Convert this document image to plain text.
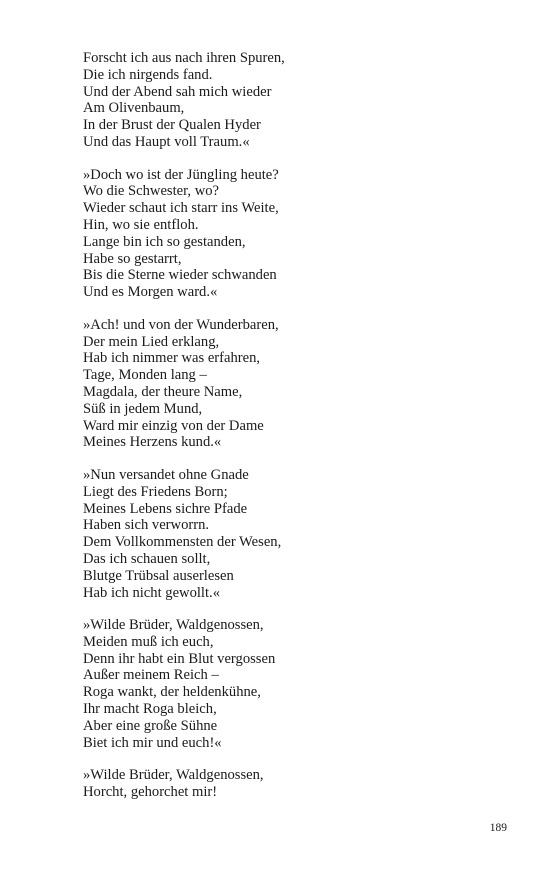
Forscht ich aus nach ihren Spuren,
Die ich nirgends fand.
Und der Abend sah mich wieder
Am Olivenbaum,
In der Brust der Qualen Hyder
Und das Haupt voll Traum.«
»Doch wo ist der Jüngling heute?
Wo die Schwester, wo?
Wieder schaut ich starr ins Weite,
Hin, wo sie entfloh.
Lange bin ich so gestanden,
Habe so gestarrt,
Bis die Sterne wieder schwanden
Und es Morgen ward.«
»Ach! und von der Wunderbaren,
Der mein Lied erklang,
Hab ich nimmer was erfahren,
Tage, Monden lang –
Magdala, der theure Name,
Süß in jedem Mund,
Ward mir einzig von der Dame
Meines Herzens kund.«
»Nun versandet ohne Gnade
Liegt des Friedens Born;
Meines Lebens sichre Pfade
Haben sich verworrn.
Dem Vollkommensten der Wesen,
Das ich schauen sollt,
Blutge Trübsal auserlesen
Hab ich nicht gewollt.«
»Wilde Brüder, Waldgenossen,
Meiden muß ich euch,
Denn ihr habt ein Blut vergossen
Außer meinem Reich –
Roga wankt, der heldenkühne,
Ihr macht Roga bleich,
Aber eine große Sühne
Biet ich mir und euch!«
»Wilde Brüder, Waldgenossen,
Horcht, gehorchet mir!
189
